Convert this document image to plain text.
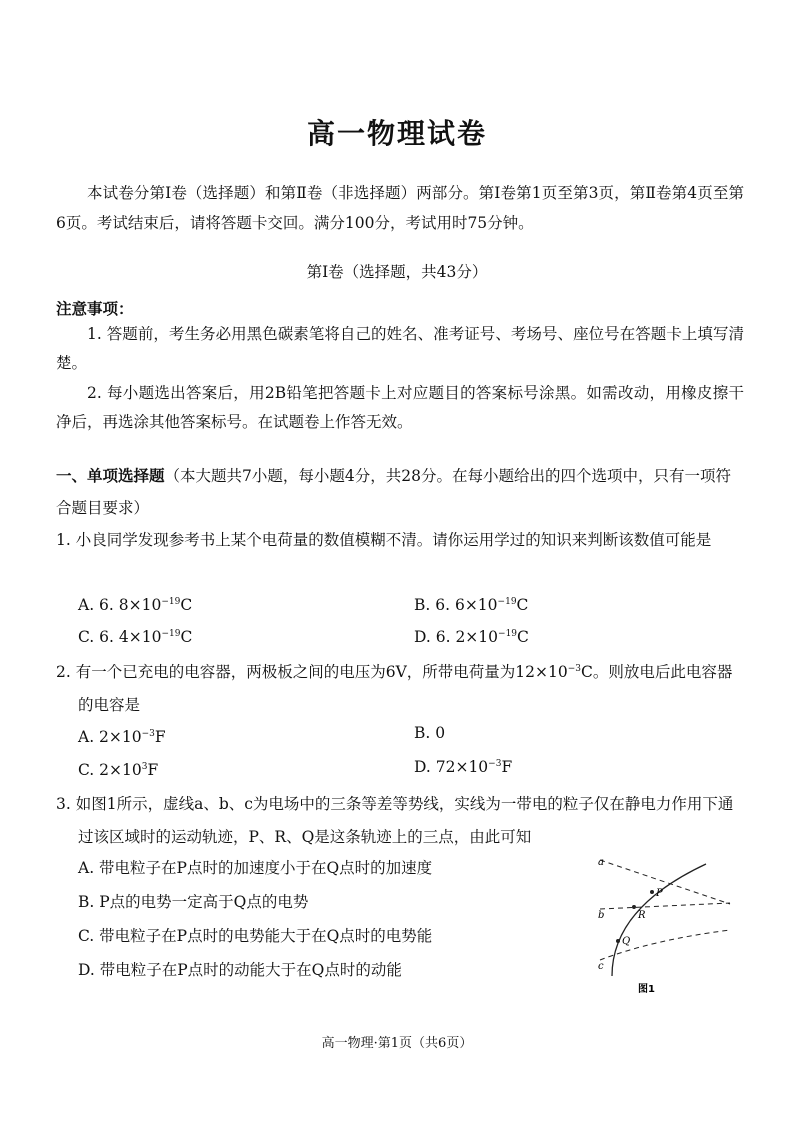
高一物理试卷
本试卷分第Ⅰ卷（选择题）和第Ⅱ卷（非选择题）两部分。第Ⅰ卷第1页至第3页，第Ⅱ卷第4页至第6页。考试结束后，请将答题卡交回。满分100分，考试用时75分钟。
第Ⅰ卷（选择题，共43分）
注意事项：
1. 答题前，考生务必用黑色碳素笔将自己的姓名、准考证号、考场号、座位号在答题卡上填写清楚。
2. 每小题选出答案后，用2B铅笔把答题卡上对应题目的答案标号涂黑。如需改动，用橡皮擦干净后，再选涂其他答案标号。在试题卷上作答无效。
一、单项选择题（本大题共7小题，每小题4分，共28分。在每小题给出的四个选项中，只有一项符合题目要求）
1. 小良同学发现参考书上某个电荷量的数值模糊不清。请你运用学过的知识来判断该数值可能是
A. 6. $8\times 10^{-19}C$	B. 6. $6\times 10^{-19}C$
C. 6. $4\times 10^{-19}C$	D. 6. $2\times 10^{-19}C$
2. 有一个已充电的电容器，两极板之间的电压为6V，所带电荷量为$12\times 10^{-3}C$。则放电后此电容器的电容是
A. $2\times 10^{-3}F$	B. 0
C. $2\times 10^3F$	D. $72\times 10^{-3}F$
3. 如图1所示，虚线a、b、c为电场中的三条等差等势线，实线为一带电的粒子仅在静电力作用下通过该区域时的运动轨迹，P、R、Q是这条轨迹上的三点，由此可知
A. 带电粒子在P点时的加速度小于在Q点时的加速度
B. P点的电势一定高于Q点的电势
C. 带电粒子在P点时的电势能大于在Q点时的电势能
D. 带电粒子在P点时的动能大于在Q点时的动能
a
b
c
P
R
Q
图1
高一物理·第1页（共6页）
